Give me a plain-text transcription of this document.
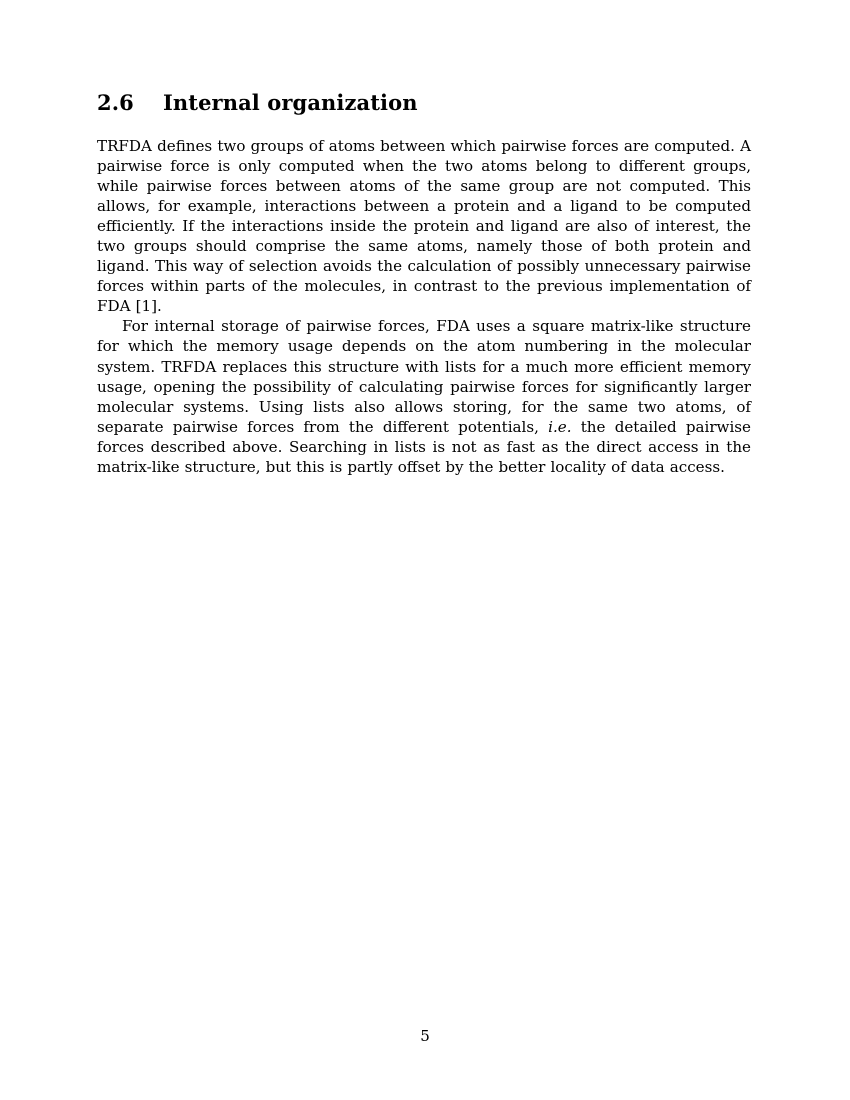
2.6 Internal organization

TRFDA defines two groups of atoms between which pairwise forces are computed. A pairwise force is only computed when the two atoms belong to different groups, while pairwise forces between atoms of the same group are not computed. This allows, for example, interactions between a protein and a ligand to be computed efficiently. If the interactions inside the protein and ligand are also of interest, the two groups should comprise the same atoms, namely those of both protein and ligand. This way of selection avoids the calculation of possibly unnecessary pairwise forces within parts of the molecules, in contrast to the previous implementation of FDA [1].

For internal storage of pairwise forces, FDA uses a square matrix-like structure for which the memory usage depends on the atom numbering in the molecular system. TRFDA replaces this structure with lists for a much more efficient memory usage, opening the possibility of calculating pairwise forces for significantly larger molecular systems. Using lists also allows storing, for the same two atoms, of separate pairwise forces from the different potentials, i.e. the detailed pairwise forces described above. Searching in lists is not as fast as the direct access in the matrix-like structure, but this is partly offset by the better locality of data access.

5
